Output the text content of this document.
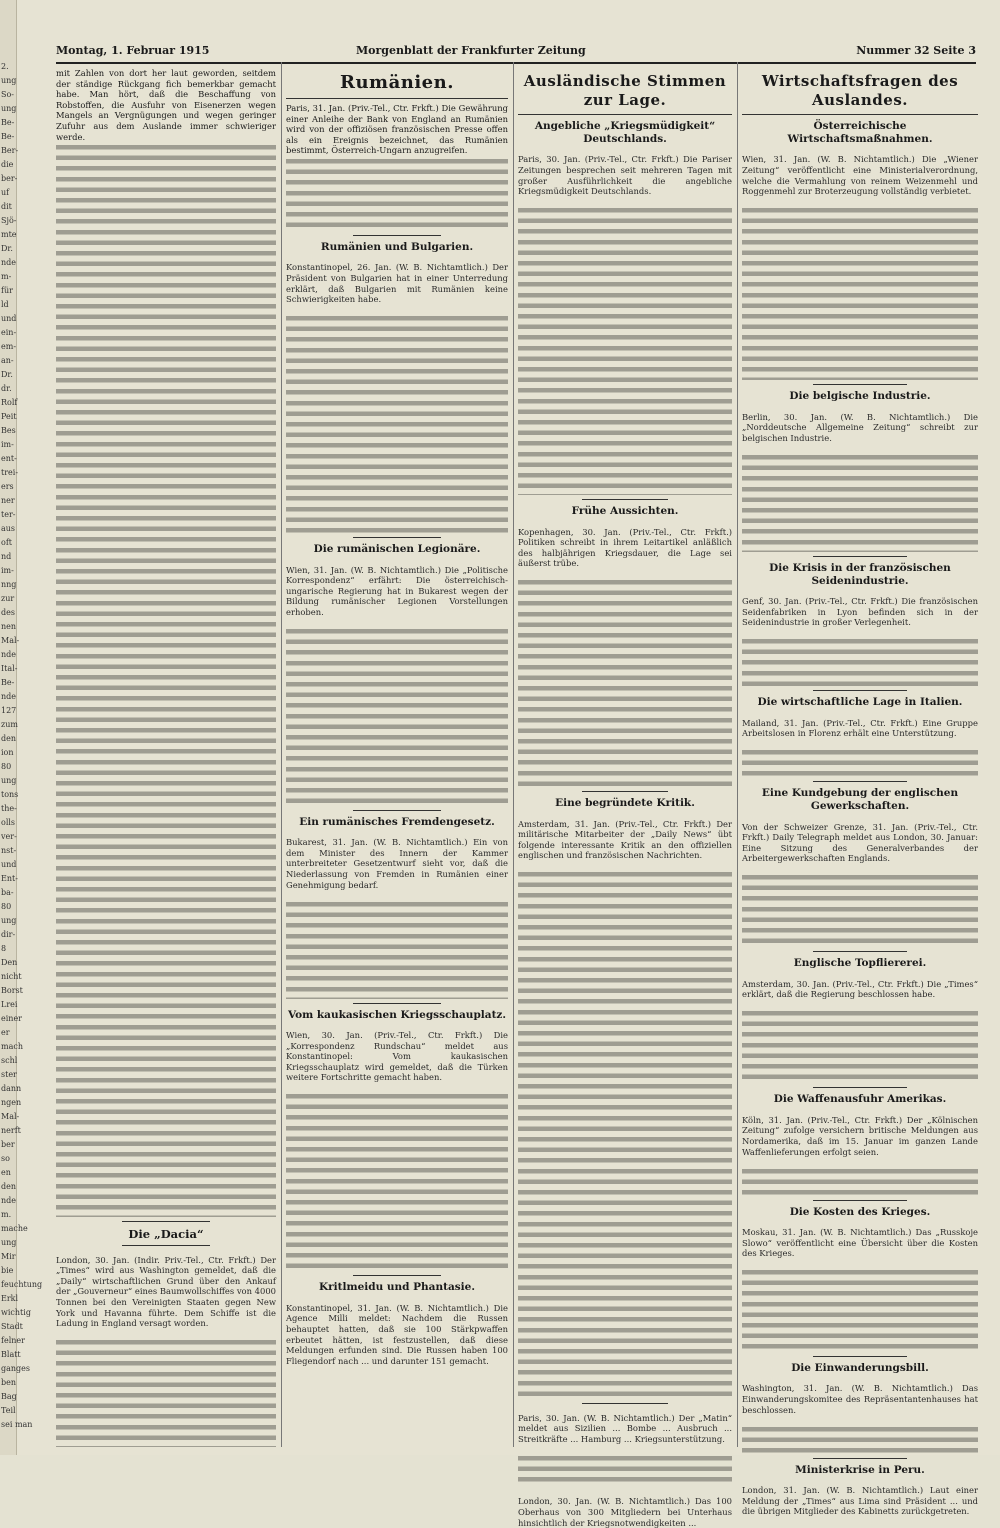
2.
ung
So-
ung
Be-
Be-
Ber-
die
ber-
uf
dit
Sjö-
mte
Dr.
nde
m-
für
ld
und
ein-
em-
an-
Dr.
dr.
Rolf
Peit
Bes
im-
ent-
trei-
ers
ner
ter-
aus
oft
nd
im-
nng
zur
des
nen
Mal-
nde
Ital-
Be-
nde
127
zum
den
ion
80
ung
tons
the-
olls
ver-
nst-
und
Ent-
ba-
80
ung
dir-
8
Den
nicht
Borst
Lrei
einer
er
mach
schl
ster
dann
ngen
Mal-
nerft
ber
so
en
den
nde
m.
mache
ung
Mir
bie
feuchtung
Erkl
wichtig
Stadt
felner
Blatt
ganges
ben
Bag
Teil
sei man
Montag, 1. Februar 1915	Morgenblatt der Frankfurter Zeitung	Nummer 32 Seite 3

mit Zahlen von dort her laut geworden, seitdem der ständige Rückgang fich bemerkbar gemacht habe. Man hört, daß die Beschaffung von Robstoffen, die Ausfuhr von Eisenerzen wegen Mangels an Vergnügungen und wegen geringer Zufuhr aus dem Auslande immer schwieriger werde.

Die „Dacia“

London, 30. Jan. (Indir. Priv.-Tel., Ctr. Frkft.) Der „Times“ wird aus Washington gemeldet, daß die „Daily“ wirtschaftlichen Grund über den Ankauf der „Gouverneur“ eines Baumwollschiffes von 4000 Tonnen bei den Vereinigten Staaten gegen New York und Havanna führte. Dem Schiffe ist die Ladung in England versagt worden.

Rumänien.

Paris, 31. Jan. (Priv.-Tel., Ctr. Frkft.) Die Gewährung einer Anleihe der Bank von England an Rumänien wird von der offiziösen französischen Presse offen als ein Ereignis bezeichnet, das Rumänien bestimmt, Österreich-Ungarn anzugreifen.

Rumänien und Bulgarien.

Konstantinopel, 26. Jan. (W. B. Nichtamtlich.) Der Präsident von Bulgarien hat in einer Unterredung erklärt, daß Bulgarien mit Rumänien keine Schwierigkeiten habe.

Die rumänischen Legionäre.

Wien, 31. Jan. (W. B. Nichtamtlich.) Die „Politische Korrespondenz“ erfährt: Die österreichisch-ungarische Regierung hat in Bukarest wegen der Bildung rumänischer Legionen Vorstellungen erhoben.

Ein rumänisches Fremdengesetz.

Bukarest, 31. Jan. (W. B. Nichtamtlich.) Ein von dem Minister des Innern der Kammer unterbreiteter Gesetzentwurf sieht vor, daß die Niederlassung von Fremden in Rumänien einer Genehmigung bedarf.

Vom kaukasischen Kriegsschauplatz.

Wien, 30. Jan. (Priv.-Tel., Ctr. Frkft.) Die „Korrespondenz Rundschau“ meldet aus Konstantinopel: Vom kaukasischen Kriegsschauplatz wird gemeldet, daß die Türken weitere Fortschritte gemacht haben.

Kritlmeidu und Phantasie.

Konstantinopel, 31. Jan. (W. B. Nichtamtlich.) Die Agence Milli meldet: Nachdem die Russen behauptet hatten, daß sie 100 Stärkpwaffen erbeutet hätten, ist festzustellen, daß diese Meldungen erfunden sind. Die Russen haben 100 Fliegendorf nach ... und darunter 151 gemacht.

Ausländische Stimmen zur Lage.
Angebliche „Kriegsmüdigkeit“ Deutschlands.

Paris, 30. Jan. (Priv.-Tel., Ctr. Frkft.) Die Pariser Zeitungen besprechen seit mehreren Tagen mit großer Ausführlichkeit die angebliche Kriegsmüdigkeit Deutschlands.

Frühe Aussichten.

Kopenhagen, 30. Jan. (Priv.-Tel., Ctr. Frkft.) Politiken schreibt in ihrem Leitartikel anläßlich des halbjährigen Kriegsdauer, die Lage sei äußerst trübe.

Eine begründete Kritik.

Amsterdam, 31. Jan. (Priv.-Tel., Ctr. Frkft.) Der militärische Mitarbeiter der „Daily News“ übt folgende interessante Kritik an den offiziellen englischen und französischen Nachrichten.

Paris, 30. Jan. (W. B. Nichtamtlich.) Der „Matin“ meldet aus Sizilien ... Bombe ... Ausbruch ... Streitkräfte ... Hamburg ... Kriegsunterstützung.

London, 30. Jan. (W. B. Nichtamtlich.) Das 100 Oberhaus von 300 Mitgliedern bei Unterhaus hinsichtlich der Kriegsnotwendigkeiten ...

Wirtschaftsfragen des Auslandes.
Österreichische Wirtschaftsmaßnahmen.

Wien, 31. Jan. (W. B. Nichtamtlich.) Die „Wiener Zeitung“ veröffentlicht eine Ministerialverordnung, welche die Vermahlung von reinem Weizenmehl und Roggenmehl zur Broterzeugung vollständig verbietet.

Die belgische Industrie.

Berlin, 30. Jan. (W. B. Nichtamtlich.) Die „Norddeutsche Allgemeine Zeitung“ schreibt zur belgischen Industrie.

Die Krisis in der französischen Seidenindustrie.

Genf, 30. Jan. (Priv.-Tel., Ctr. Frkft.) Die französischen Seidenfabriken in Lyon befinden sich in der Seidenindustrie in großer Verlegenheit.

Die wirtschaftliche Lage in Italien.

Mailand, 31. Jan. (Priv.-Tel., Ctr. Frkft.) Eine Gruppe Arbeitslosen in Florenz erhält eine Unterstützung.

Eine Kundgebung der englischen Gewerkschaften.

Von der Schweizer Grenze, 31. Jan. (Priv.-Tel., Ctr. Frkft.) Daily Telegraph meldet aus London, 30. Januar: Eine Sitzung des Generalverbandes der Arbeitergewerkschaften Englands.

Englische Topfliererei.

Amsterdam, 30. Jan. (Priv.-Tel., Ctr. Frkft.) Die „Times“ erklärt, daß die Regierung beschlossen habe.

Die Waffenausfuhr Amerikas.

Köln, 31. Jan. (Priv.-Tel., Ctr. Frkft.) Der „Kölnischen Zeitung“ zufolge versichern britische Meldungen aus Nordamerika, daß im 15. Januar im ganzen Lande Waffenlieferungen erfolgt seien.

Die Kosten des Krieges.

Moskau, 31. Jan. (W. B. Nichtamtlich.) Das „Russkoje Slowo“ veröffentlicht eine Übersicht über die Kosten des Krieges.

Die Einwanderungsbill.

Washington, 31. Jan. (W. B. Nichtamtlich.) Das Einwanderungskomitee des Repräsentantenhauses hat beschlossen.

Ministerkrise in Peru.

London, 31. Jan. (W. B. Nichtamtlich.) Laut einer Meldung der „Times“ aus Lima sind Präsident ... und die übrigen Mitglieder des Kabinetts zurückgetreten.
